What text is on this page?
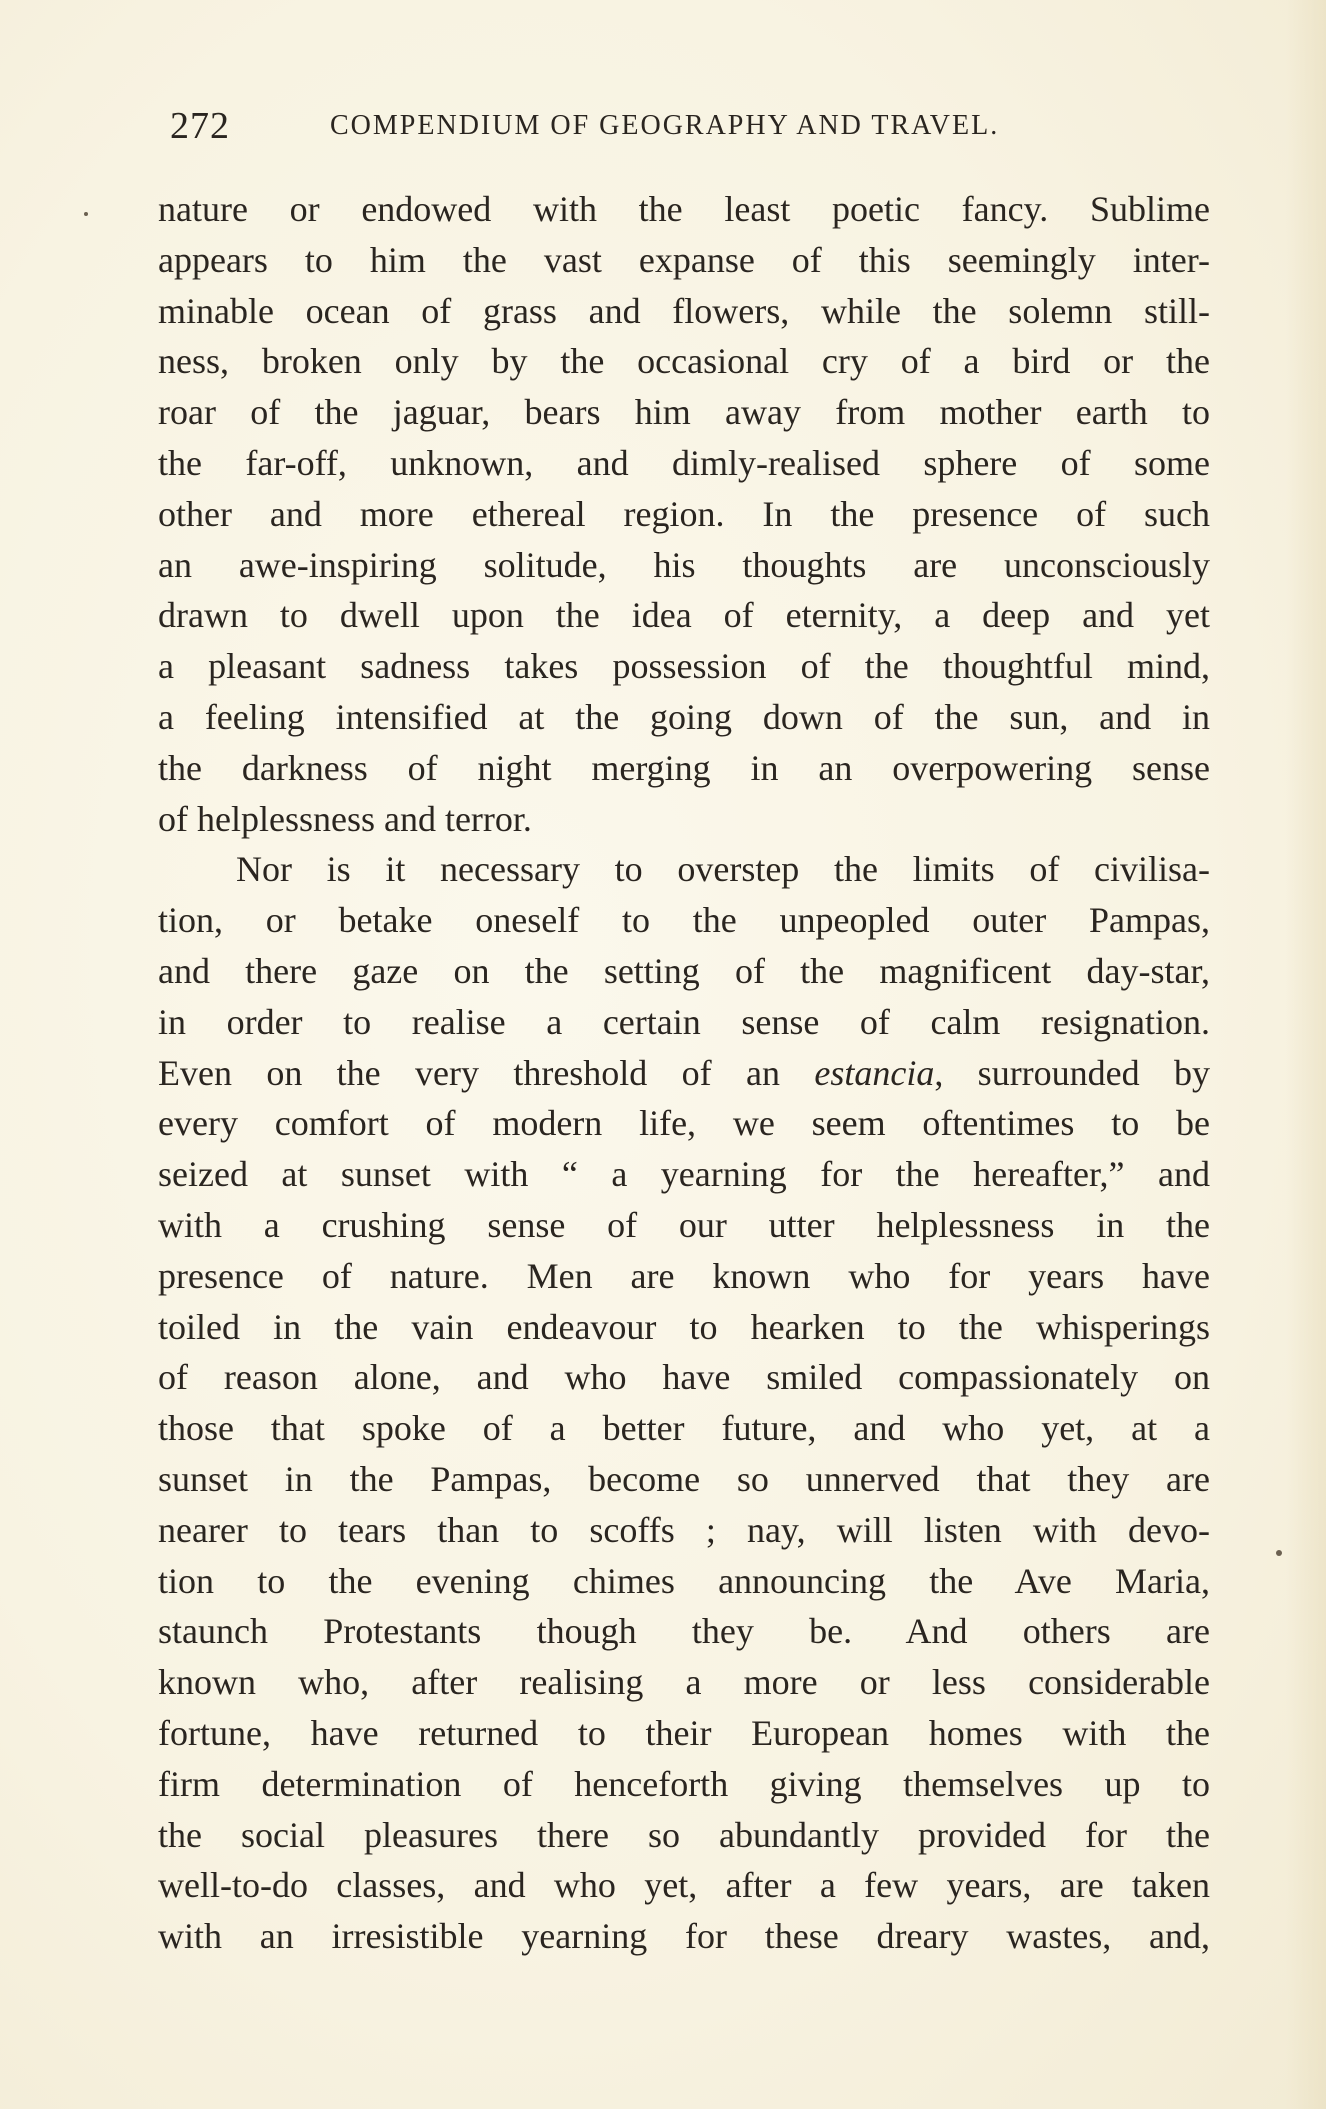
272	COMPENDIUM OF GEOGRAPHY AND TRAVEL.
nature or endowed with the least poetic fancy. Sublime
appears to him the vast expanse of this seemingly inter-
minable ocean of grass and flowers, while the solemn still-
ness, broken only by the occasional cry of a bird or the
roar of the jaguar, bears him away from mother earth to
the far-off, unknown, and dimly-realised sphere of some
other and more ethereal region. In the presence of such
an awe-inspiring solitude, his thoughts are unconsciously
drawn to dwell upon the idea of eternity, a deep and yet
a pleasant sadness takes possession of the thoughtful mind,
a feeling intensified at the going down of the sun, and in
the darkness of night merging in an overpowering sense
of helplessness and terror.
Nor is it necessary to overstep the limits of civilisa-
tion, or betake oneself to the unpeopled outer Pampas,
and there gaze on the setting of the magnificent day-star,
in order to realise a certain sense of calm resignation.
Even on the very threshold of an estancia, surrounded by
every comfort of modern life, we seem oftentimes to be
seized at sunset with “ a yearning for the hereafter,” and
with a crushing sense of our utter helplessness in the
presence of nature. Men are known who for years have
toiled in the vain endeavour to hearken to the whisperings
of reason alone, and who have smiled compassionately on
those that spoke of a better future, and who yet, at a
sunset in the Pampas, become so unnerved that they are
nearer to tears than to scoffs ; nay, will listen with devo-
tion to the evening chimes announcing the Ave Maria,
staunch Protestants though they be. And others are
known who, after realising a more or less considerable
fortune, have returned to their European homes with the
firm determination of henceforth giving themselves up to
the social pleasures there so abundantly provided for the
well-to-do classes, and who yet, after a few years, are taken
with an irresistible yearning for these dreary wastes, and,
